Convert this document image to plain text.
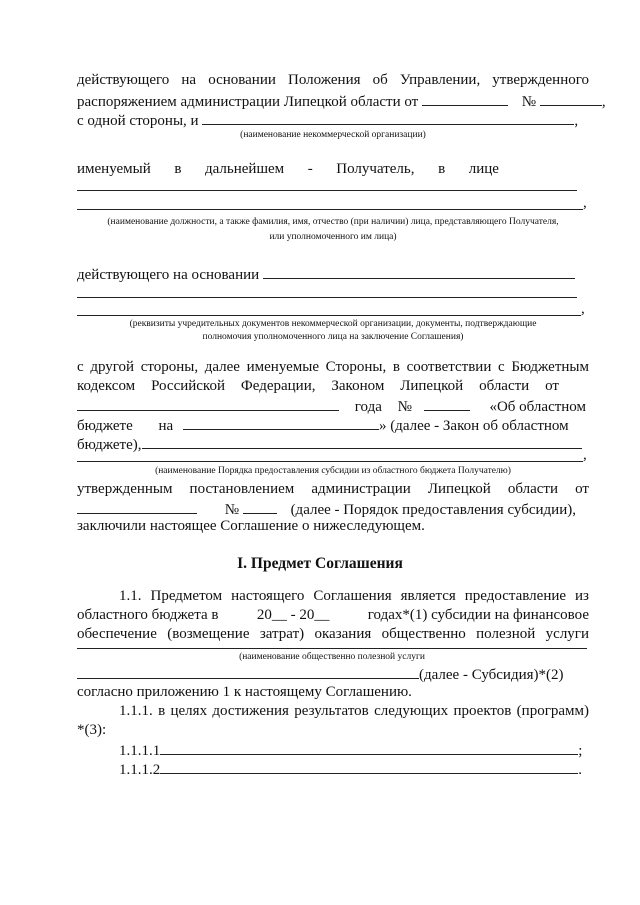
действующего на основании Положения об Управлении, утвержденного
распоряжением администрации Липецкой области от	№	,
с одной стороны, и	,
(наименование некоммерческой организации)
именуемый в дальнейшем - Получатель, в лице
,
(наименование должности, а также фамилия, имя, отчество (при наличии) лица, представляющего Получателя,
или уполномоченного им лица)
действующего на основании
,
(реквизиты учредительных документов некоммерческой организации, документы, подтверждающие
полномочия уполномоченного лица на заключение Соглашения)
с другой стороны, далее именуемые Стороны, в соответствии с Бюджетным
кодексом Российской Федерации, Законом Липецкой области от
года №	«Об областном
бюджете на	» (далее - Закон об областном
бюджете),
,
(наименование Порядка предоставления субсидии из областного бюджета Получателю)
утвержденным постановлением администрации Липецкой области от
№	(далее - Порядок предоставления субсидии),
заключили настоящее Соглашение о нижеследующем.
I. Предмет Соглашения
1.1. Предметом настоящего Соглашения является предоставление из
областного бюджета в	20__ - 20__	годах*(1) субсидии на финансовое
обеспечение (возмещение затрат) оказания общественно полезной услуги
(наименование общественно полезной услуги
(далее - Субсидия)*(2)
согласно приложению 1 к настоящему Соглашению.
1.1.1. в целях достижения результатов следующих проектов (программ)
*(3):
1.1.1.1	;
1.1.1.2	.
